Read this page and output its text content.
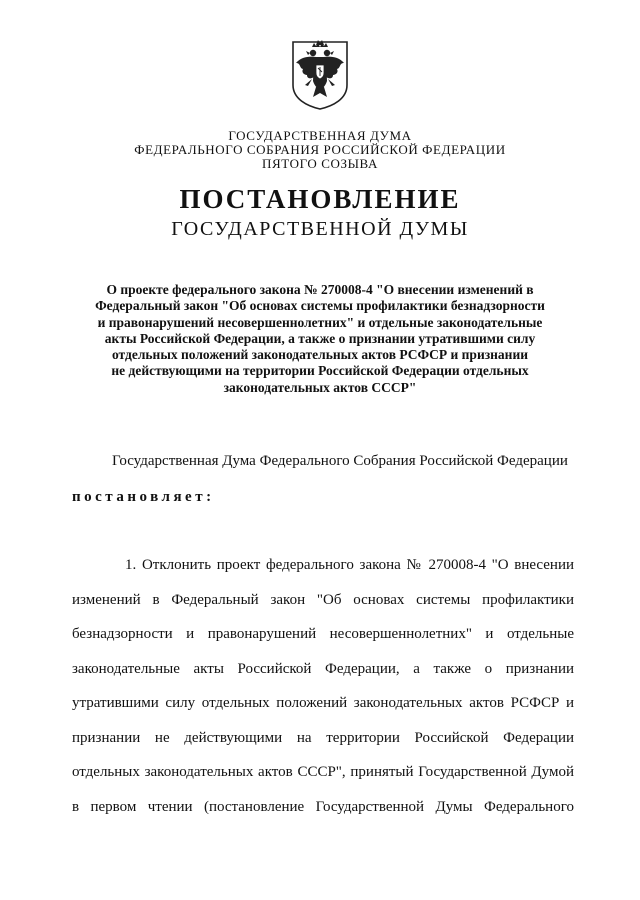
ГОСУДАРСТВЕННАЯ ДУМА
ФЕДЕРАЛЬНОГО СОБРАНИЯ РОССИЙСКОЙ ФЕДЕРАЦИИ
ПЯТОГО СОЗЫВА
ПОСТАНОВЛЕНИЕ
ГОСУДАРСТВЕННОЙ ДУМЫ
О проекте федерального закона № 270008-4 "О внесении изменений в
Федеральный закон "Об основах системы профилактики безнадзорности
и правонарушений несовершеннолетних" и отдельные законодательные
акты Российской Федерации, а также о признании утратившими силу
отдельных положений законодательных актов РСФСР и признании
не действующими на территории Российской Федерации отдельных
законодательных актов СССР"
Государственная Дума Федерального Собрания Российской Федерации
постановляет:
1. Отклонить проект федерального закона № 270008-4 "О внесении
изменений в Федеральный закон "Об основах системы профилактики
безнадзорности и правонарушений несовершеннолетних" и отдельные
законодательные акты Российской Федерации, а также о признании
утратившими силу отдельных положений законодательных актов РСФСР и
признании не действующими на территории Российской Федерации
отдельных законодательных актов СССР", принятый Государственной Думой
в первом чтении (постановление Государственной Думы Федерального
